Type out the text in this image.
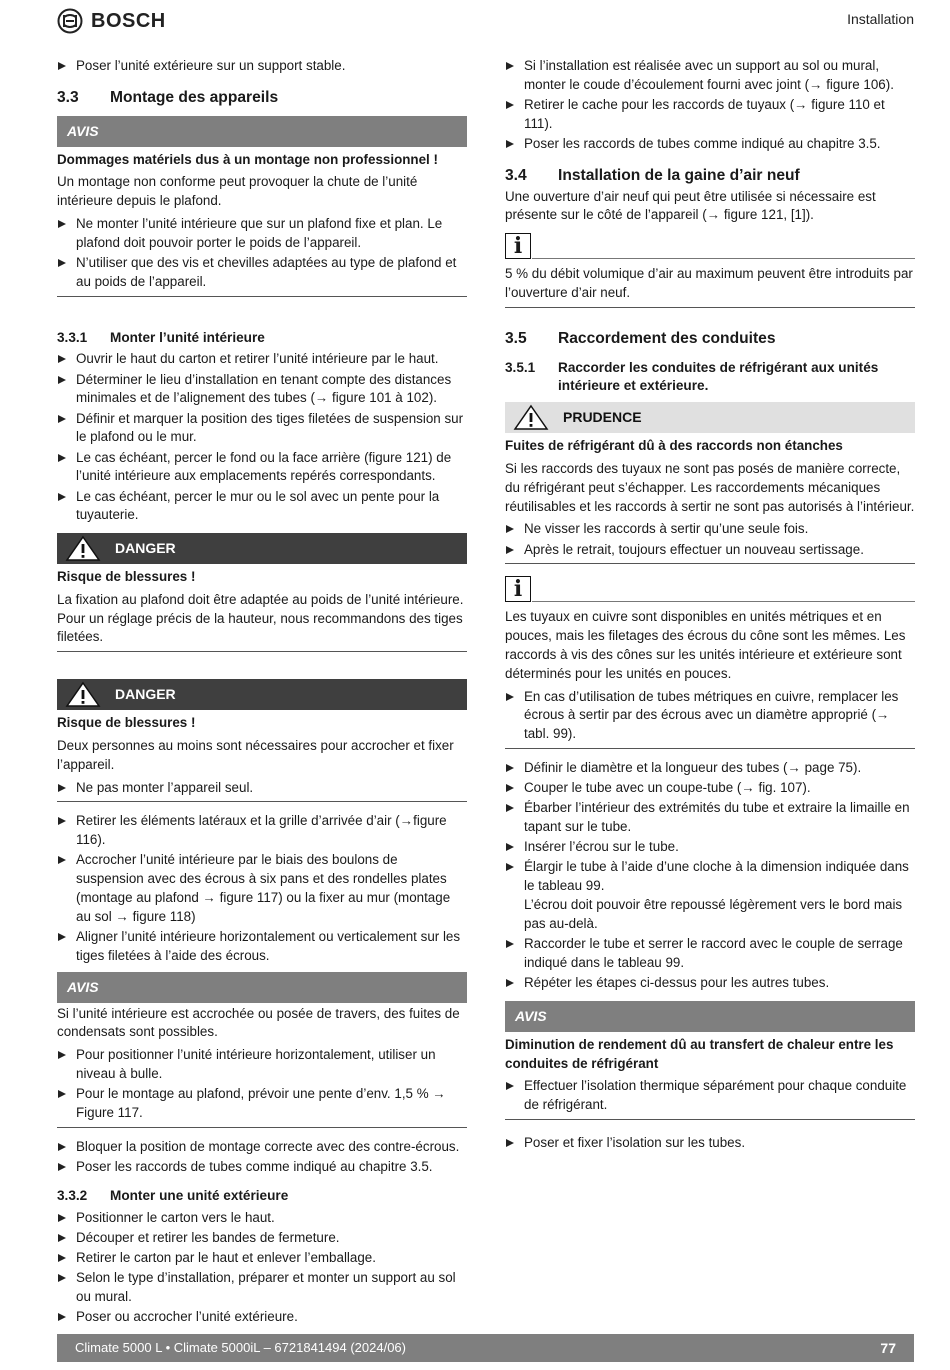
BOSCH	Installation

Poser l’unité extérieure sur un support stable.

3.3 Montage des appareils
AVIS

Dommages matériels dus à un montage non professionnel !

Un montage non conforme peut provoquer la chute de l’unité intérieure depuis le plafond.

Ne monter l’unité intérieure que sur un plafond fixe et plan. Le plafond doit pouvoir porter le poids de l’appareil.

N’utiliser que des vis et chevilles adaptées au type de plafond et au poids de l’appareil.

3.3.1	Monter l’unité intérieure

Ouvrir le haut du carton et retirer l’unité intérieure par le haut.

Déterminer le lieu d’installation en tenant compte des distances minimales et de l’alignement des tubes (→ figure 101 à 102).

Définir et marquer la position des tiges filetées de suspension sur le plafond ou le mur.

Le cas échéant, percer le fond ou la face arrière (figure 121) de l’unité intérieure aux emplacements repérés correspondants.

Le cas échéant, percer le mur ou le sol avec un pente pour la tuyauterie.

DANGER

Risque de blessures !

La fixation au plafond doit être adaptée au poids de l’unité intérieure. Pour un réglage précis de la hauteur, nous recommandons des tiges filetées.

DANGER

Risque de blessures !

Deux personnes au moins sont nécessaires pour accrocher et fixer l’appareil.

Ne pas monter l’appareil seul.

Retirer les éléments latéraux et la grille d’arrivée d’air (→figure 116).

Accrocher l’unité intérieure par le biais des boulons de suspension avec des écrous à six pans et des rondelles plates (montage au plafond → figure 117) ou la fixer au mur (montage au sol → figure 118)

Aligner l’unité intérieure horizontalement ou verticalement sur les tiges filetées à l’aide des écrous.

AVIS

Si l’unité intérieure est accrochée ou posée de travers, des fuites de condensats sont possibles.

Pour positionner l’unité intérieure horizontalement, utiliser un niveau à bulle.

Pour le montage au plafond, prévoir une pente d’env. 1,5 % → Figure 117.

Bloquer la position de montage correcte avec des contre-écrous.

Poser les raccords de tubes comme indiqué au chapitre 3.5.

3.3.2	Monter une unité extérieure

Positionner le carton vers le haut.

Découper et retirer les bandes de fermeture.

Retirer le carton par le haut et enlever l’emballage.

Selon le type d’installation, préparer et monter un support au sol ou mural.

Poser ou accrocher l’unité extérieure.

Si l’installation est réalisée avec un support au sol ou mural, monter le coude d’écoulement fourni avec joint (→ figure 106).

Retirer le cache pour les raccords de tuyaux (→ figure 110 et 111).

Poser les raccords de tubes comme indiqué au chapitre 3.5.

3.4 Installation de la gaine d’air neuf

Une ouverture d’air neuf qui peut être utilisée si nécessaire est présente sur le côté de l’appareil (→ figure 121, [1]).

i

5 % du débit volumique d’air au maximum peuvent être introduits par l’ouverture d’air neuf.

3.5 Raccordement des conduites
3.5.1	Raccorder les conduites de réfrigérant aux unités intérieure et extérieure.
PRUDENCE

Fuites de réfrigérant dû à des raccords non étanches

Si les raccords des tuyaux ne sont pas posés de manière correcte, du réfrigérant peut s’échapper. Les raccordements mécaniques réutilisables et les raccords à sertir ne sont pas autorisés à l’intérieur.

Ne visser les raccords à sertir qu’une seule fois.

Après le retrait, toujours effectuer un nouveau sertissage.

i

Les tuyaux en cuivre sont disponibles en unités métriques et en pouces, mais les filetages des écrous du cône sont les mêmes. Les raccords à vis des cônes sur les unités intérieure et extérieure sont déterminés pour les unités en pouces.

En cas d’utilisation de tubes métriques en cuivre, remplacer les écrous à sertir par des écrous avec un diamètre approprié (→ tabl. 99).

Définir le diamètre et la longueur des tubes (→ page 75).

Couper le tube avec un coupe-tube (→ fig. 107).

Ébarber l’intérieur des extrémités du tube et extraire la limaille en tapant sur le tube.

Insérer l’écrou sur le tube.

Élargir le tube à l’aide d’une cloche à la dimension indiquée dans le tableau 99.

L’écrou doit pouvoir être repoussé légèrement vers le bord mais pas au-delà.

Raccorder le tube et serrer le raccord avec le couple de serrage indiqué dans le tableau 99.

Répéter les étapes ci-dessus pour les autres tubes.

AVIS

Diminution de rendement dû au transfert de chaleur entre les conduites de réfrigérant

Effectuer l’isolation thermique séparément pour chaque conduite de réfrigérant.

Poser et fixer l’isolation sur les tubes.

Climate 5000 L • Climate 5000iL – 6721841494 (2024/06)	77
